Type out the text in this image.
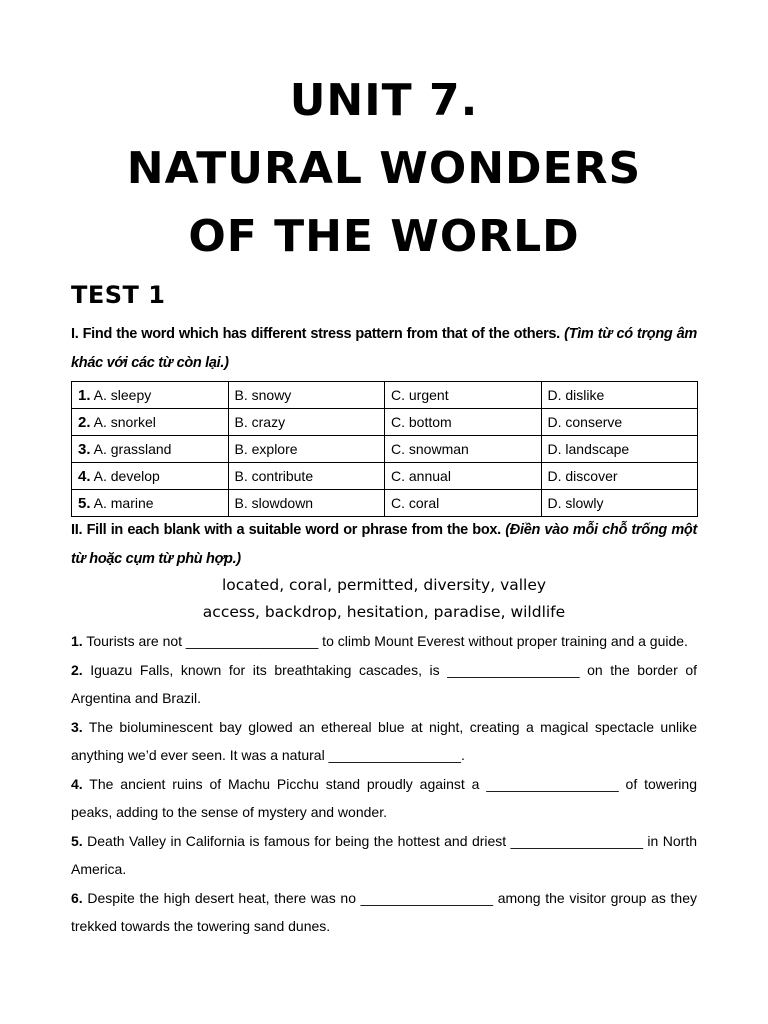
UNIT 7.
NATURAL WONDERS
OF THE WORLD
TEST 1
I. Find the word which has different stress pattern from that of the others. (Tìm từ có trọng âm khác với các từ còn lại.)
1. A. sleepy	B. snowy	C. urgent	D. dislike
2. A. snorkel	B. crazy	C. bottom	D. conserve
3. A. grassland	B. explore	C. snowman	D. landscape
4. A. develop	B. contribute	C. annual	D. discover
5. A. marine	B. slowdown	C. coral	D. slowly
II. Fill in each blank with a suitable word or phrase from the box. (Điền vào mỗi chỗ trống một từ hoặc cụm từ phù hợp.)
located, coral, permitted, diversity, valley
access, backdrop, hesitation, paradise, wildlife
1. Tourists are not _________________ to climb Mount Everest without proper training and a guide.
2. Iguazu Falls, known for its breathtaking cascades, is _________________ on the border of Argentina and Brazil.
3. The bioluminescent bay glowed an ethereal blue at night, creating a magical spectacle unlike anything we’d ever seen. It was a natural _________________.
4. The ancient ruins of Machu Picchu stand proudly against a _________________ of towering peaks, adding to the sense of mystery and wonder.
5. Death Valley in California is famous for being the hottest and driest _________________ in North America.
6. Despite the high desert heat, there was no _________________ among the visitor group as they trekked towards the towering sand dunes.
